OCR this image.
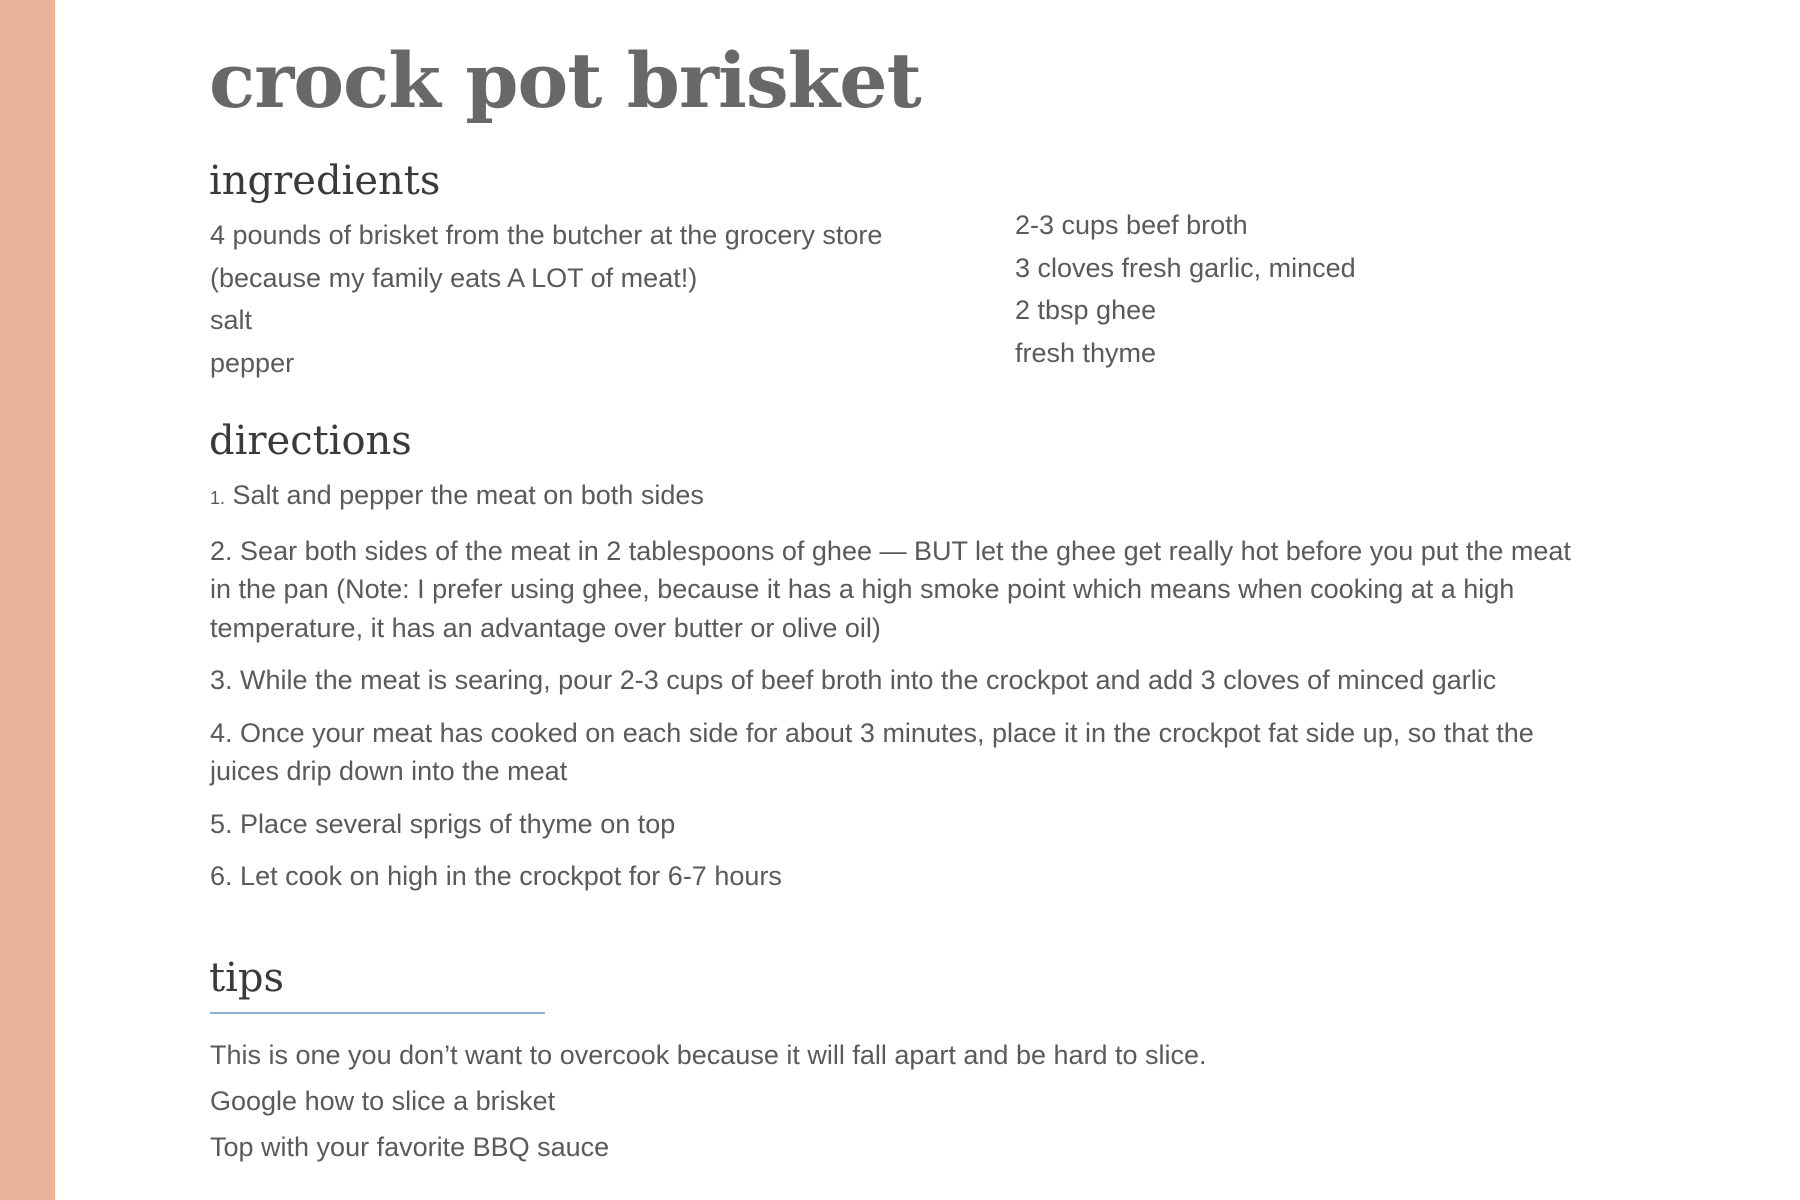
crock pot brisket
ingredients
4 pounds of brisket from the butcher at the grocery store
(because my family eats A LOT of meat!)
salt
pepper
2-3 cups beef broth
3 cloves fresh garlic, minced
2 tbsp ghee
fresh thyme
directions

1. Salt and pepper the meat on both sides

2. Sear both sides of the meat in 2 tablespoons of ghee — BUT let the ghee get really hot before you put the meat in the pan (Note: I prefer using ghee, because it has a high smoke point which means when cooking at a high temperature, it has an advantage over butter or olive oil)

3. While the meat is searing, pour 2-3 cups of beef broth into the crockpot and add 3 cloves of minced garlic

4. Once your meat has cooked on each side for about 3 minutes, place it in the crockpot fat side up, so that the juices drip down into the meat

5. Place several sprigs of thyme on top

6. Let cook on high in the crockpot for 6-7 hours

tips
This is one you don’t want to overcook because it will fall apart and be hard to slice.
Google how to slice a brisket
Top with your favorite BBQ sauce
